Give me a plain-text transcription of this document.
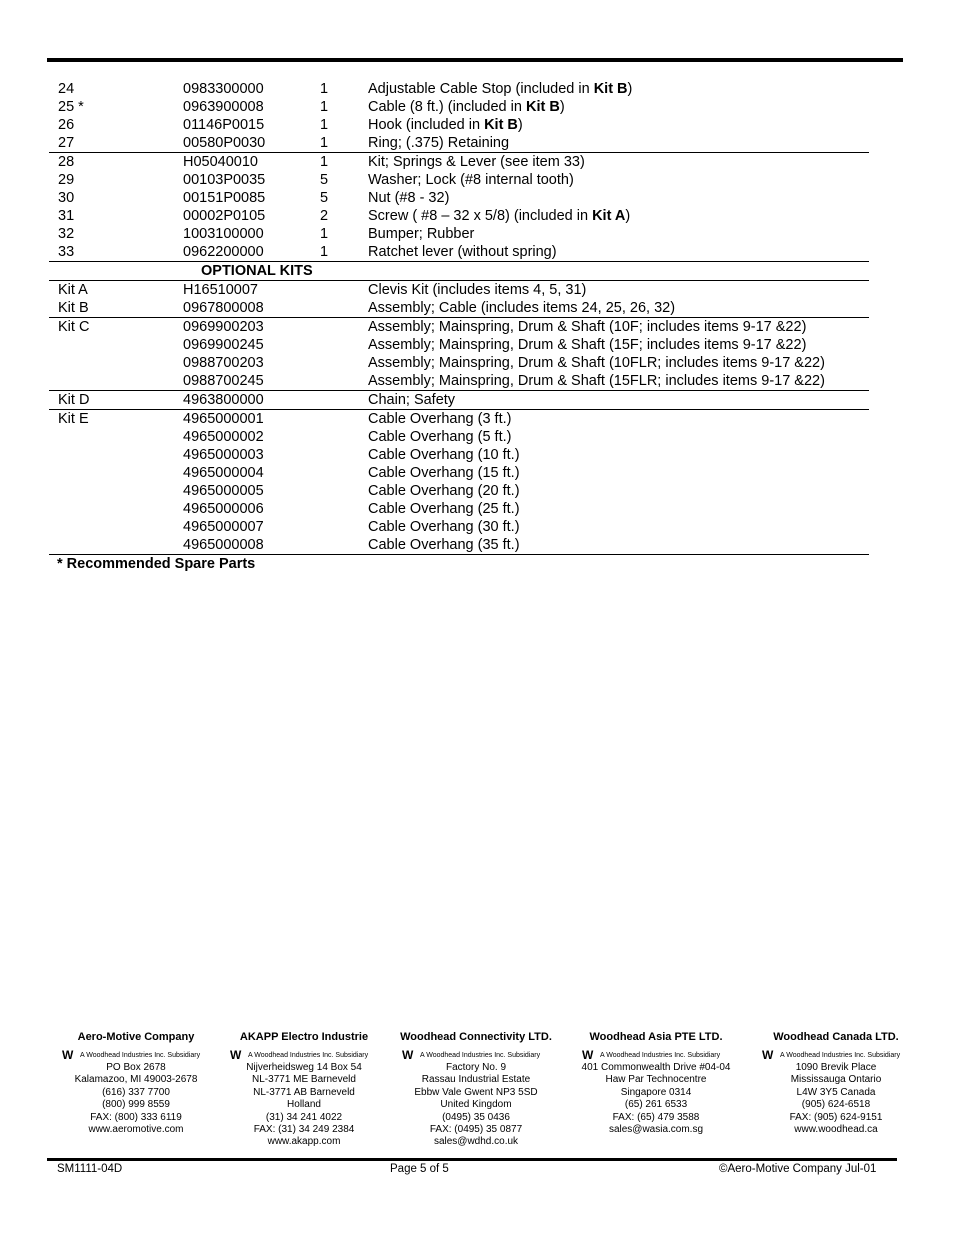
24	0983300000	1	Adjustable Cable Stop (included in Kit B)
25 *	0963900008	1	Cable (8 ft.) (included in Kit B)
26	01146P0015	1	Hook (included in Kit B)
27	00580P0030	1	Ring; (.375) Retaining
28	H05040010	1	Kit; Springs & Lever (see item 33)
29	00103P0035	5	Washer; Lock (#8 internal tooth)
30	00151P0085	5	Nut (#8 - 32)
31	00002P0105	2	Screw ( #8 – 32 x 5/8) (included in Kit A)
32	1003100000	1	Bumper; Rubber
33	0962200000	1	Ratchet lever (without spring)
OPTIONAL KITS
Kit A	H16510007	Clevis Kit (includes items 4, 5, 31)
Kit B	0967800008	Assembly; Cable (includes items 24, 25, 26, 32)
Kit C	0969900203	Assembly; Mainspring, Drum & Shaft (10F; includes items 9-17 &22)
0969900245	Assembly; Mainspring, Drum & Shaft (15F; includes items 9-17 &22)
0988700203	Assembly; Mainspring, Drum & Shaft (10FLR; includes items 9-17 &22)
0988700245	Assembly; Mainspring, Drum & Shaft (15FLR; includes items 9-17 &22)
Kit D	4963800000	Chain; Safety
Kit E	4965000001	Cable Overhang (3 ft.)
4965000002	Cable Overhang (5 ft.)
4965000003	Cable Overhang (10 ft.)
4965000004	Cable Overhang (15 ft.)
4965000005	Cable Overhang (20 ft.)
4965000006	Cable Overhang (25 ft.)
4965000007	Cable Overhang (30 ft.)
4965000008	Cable Overhang (35 ft.)
* Recommended Spare Parts
Aero-Motive Company
W A Woodhead Industries Inc. Subsidiary
PO Box 2678
Kalamazoo, MI 49003-2678
(616) 337 7700
(800) 999 8559
FAX: (800) 333 6119
www.aeromotive.com
AKAPP Electro Industrie
W A Woodhead Industries Inc. Subsidiary
Nijverheidsweg 14 Box 54
NL-3771 ME Barneveld
NL-3771 AB Barneveld
Holland
(31) 34 241 4022
FAX: (31) 34 249 2384
www.akapp.com
Woodhead Connectivity LTD.
W A Woodhead Industries Inc. Subsidiary
Factory No. 9
Rassau Industrial Estate
Ebbw Vale Gwent NP3 5SD
United Kingdom
(0495) 35 0436
FAX: (0495) 35 0877
sales@wdhd.co.uk
Woodhead Asia PTE LTD.
W A Woodhead Industries Inc. Subsidiary
401 Commonwealth Drive #04-04
Haw Par Technocentre
Singapore 0314
(65) 261 6533
FAX: (65) 479 3588
sales@wasia.com.sg
Woodhead Canada LTD.
W A Woodhead Industries Inc. Subsidiary
1090 Brevik Place
Mississauga Ontario
L4W 3Y5 Canada
(905) 624-6518
FAX: (905) 624-9151
www.woodhead.ca
SM1111-04D	Page 5 of 5	©Aero-Motive Company Jul-01
